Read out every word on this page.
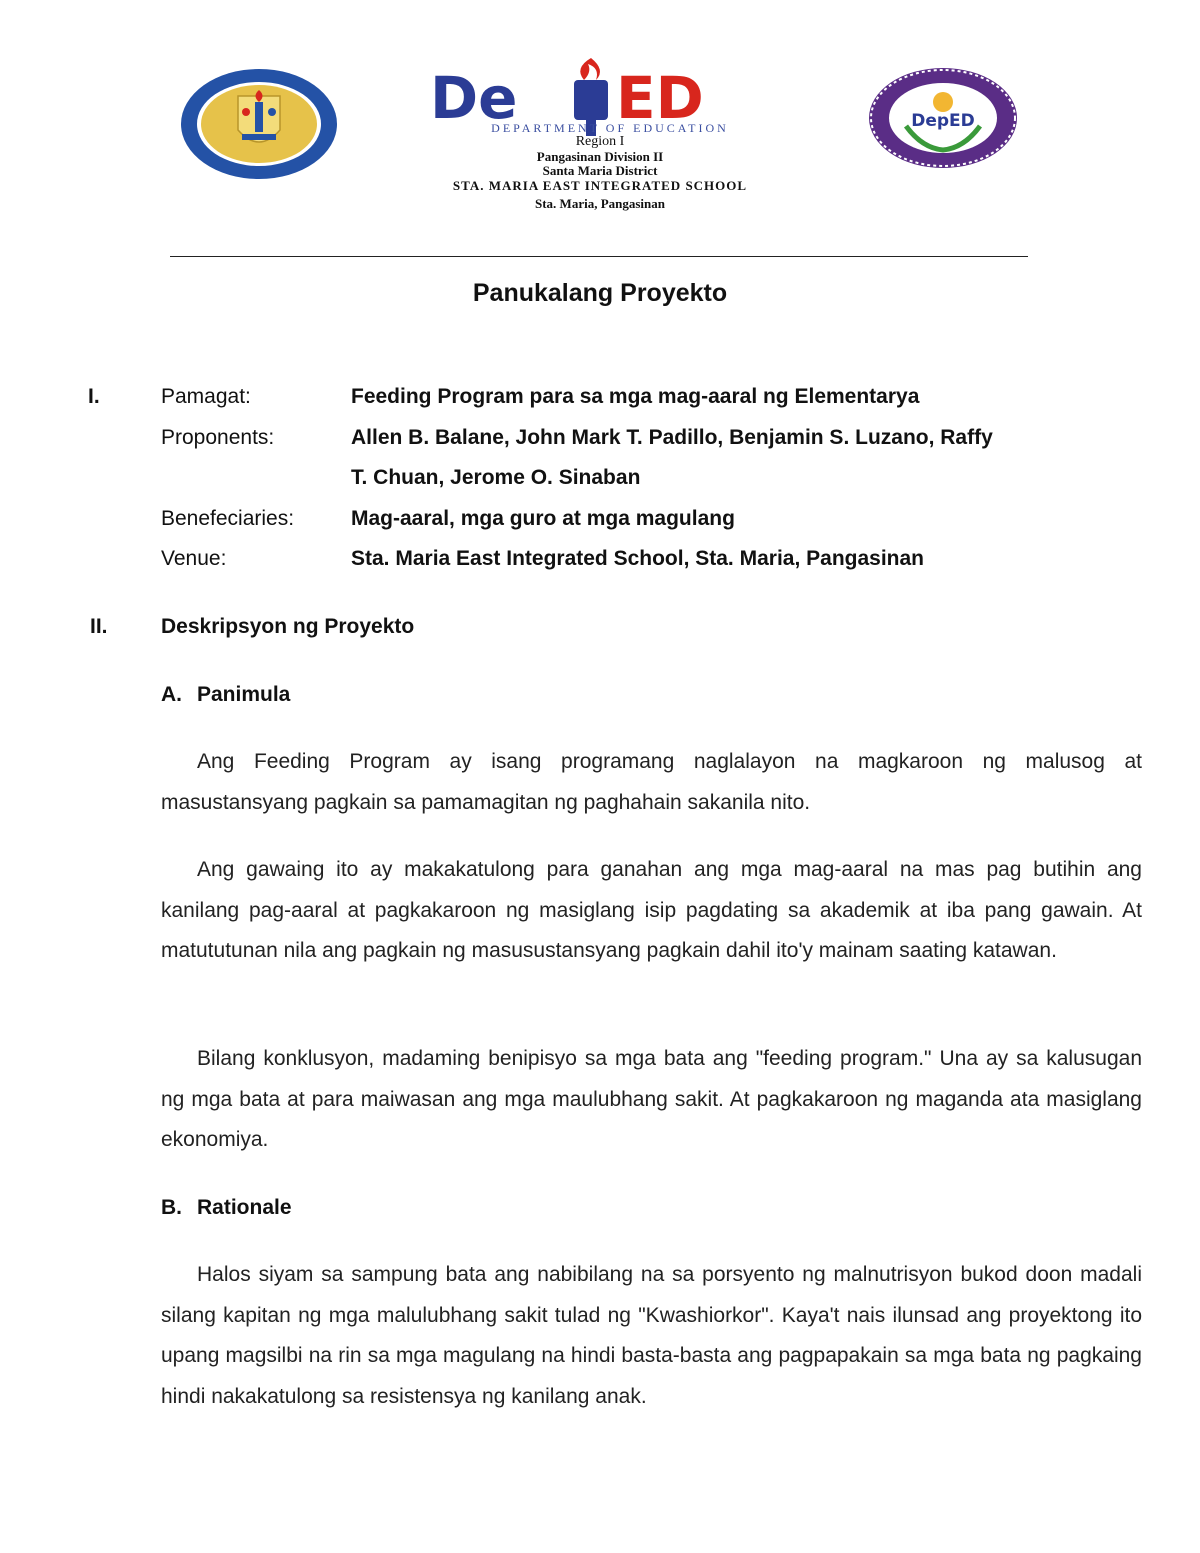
De ED
DEPARTMENT OF EDUCATION
Region I
Pangasinan Division II
Santa Maria District
STA. MARIA EAST INTEGRATED SCHOOL
Sta. Maria, Pangasinan
DepED
Panukalang Proyekto
I.	Pamagat:	Feeding Program para sa mga mag-aaral ng Elementarya
Proponents:	Allen B. Balane, John Mark T. Padillo, Benjamin S. Luzano, Raffy
T. Chuan, Jerome O. Sinaban
Benefeciaries:	Mag-aaral, mga guro at mga magulang
Venue:	Sta. Maria East Integrated School, Sta. Maria, Pangasinan
II.	Deskripsyon ng Proyekto
A. Panimula

Ang Feeding Program ay isang programang naglalayon na magkaroon ng malusog at masustansyang pagkain sa pamamagitan ng paghahain sakanila nito.

Ang gawaing ito ay makakatulong para ganahan ang mga mag-aaral na mas pag butihin ang kanilang pag-aaral at pagkakaroon ng masiglang isip pagdating sa akademik at iba pang gawain. At matututunan nila ang pagkain ng masusustansyang pagkain dahil ito'y mainam saating katawan.

Bilang konklusyon, madaming benipisyo sa mga bata ang "feeding program." Una ay sa kalusugan ng mga bata at para maiwasan ang mga maulubhang sakit. At pagkakaroon ng maganda ata masiglang ekonomiya.

B. Rationale

Halos siyam sa sampung bata ang nabibilang na sa porsyento ng malnutrisyon bukod doon madali silang kapitan ng mga malulubhang sakit tulad ng "Kwashiorkor". Kaya't nais ilunsad ang proyektong ito upang magsilbi na rin sa mga magulang na hindi basta-basta ang pagpapakain sa mga bata ng pagkaing hindi nakakatulong sa resistensya ng kanilang anak.
